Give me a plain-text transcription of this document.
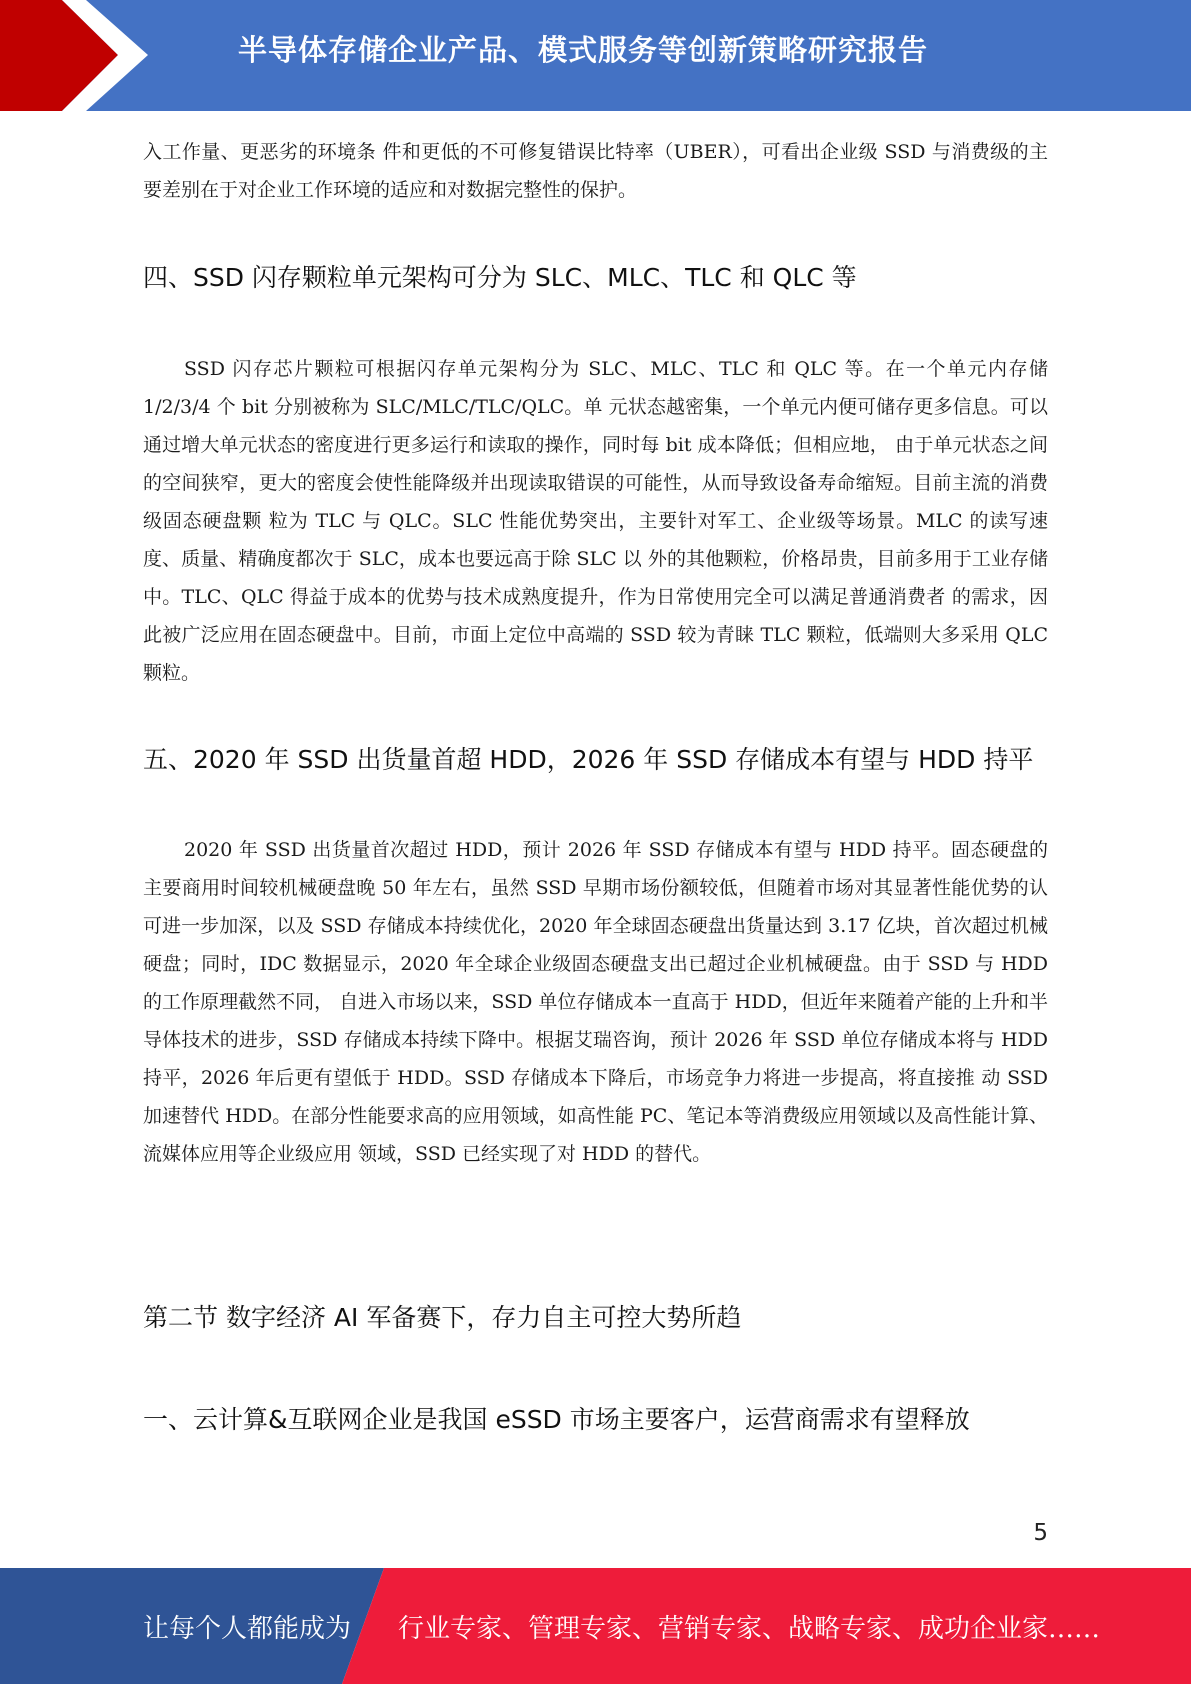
半导体存储企业产品、模式服务等创新策略研究报告

入工作量、更恶劣的环境条 件和更低的不可修复错误比特率（UBER），可看出企业级 SSD 与消费级的主要差别在于对企业工作环境的适应和对数据完整性的保护。

四、SSD 闪存颗粒单元架构可分为 SLC、MLC、TLC 和 QLC 等

SSD 闪存芯片颗粒可根据闪存单元架构分为 SLC、MLC、TLC 和 QLC 等。在一个单元内存储 1/2/3/4 个 bit 分别被称为 SLC/MLC/TLC/QLC。单 元状态越密集，一个单元内便可储存更多信息。可以通过增大单元状态的密度进行更多运行和读取的操作，同时每 bit 成本降低；但相应地， 由于单元状态之间的空间狭窄，更大的密度会使性能降级并出现读取错误的可能性，从而导致设备寿命缩短。目前主流的消费级固态硬盘颗 粒为 TLC 与 QLC。SLC 性能优势突出，主要针对军工、企业级等场景。MLC 的读写速度、质量、精确度都次于 SLC，成本也要远高于除 SLC 以 外的其他颗粒，价格昂贵，目前多用于工业存储中。TLC、QLC 得益于成本的优势与技术成熟度提升，作为日常使用完全可以满足普通消费者 的需求，因此被广泛应用在固态硬盘中。目前，市面上定位中高端的 SSD 较为青睐 TLC 颗粒，低端则大多采用 QLC 颗粒。

五、2020 年 SSD 出货量首超 HDD，2026 年 SSD 存储成本有望与 HDD 持平

2020 年 SSD 出货量首次超过 HDD，预计 2026 年 SSD 存储成本有望与 HDD 持平。固态硬盘的主要商用时间较机械硬盘晚 50 年左右，虽然 SSD 早期市场份额较低，但随着市场对其显著性能优势的认可进一步加深，以及 SSD 存储成本持续优化，2020 年全球固态硬盘出货量达到 3.17 亿块，首次超过机械硬盘；同时，IDC 数据显示，2020 年全球企业级固态硬盘支出已超过企业机械硬盘。由于 SSD 与 HDD 的工作原理截然不同， 自进入市场以来，SSD 单位存储成本一直高于 HDD，但近年来随着产能的上升和半导体技术的进步，SSD 存储成本持续下降中。根据艾瑞咨询，预计 2026 年 SSD 单位存储成本将与 HDD 持平，2026 年后更有望低于 HDD。SSD 存储成本下降后，市场竞争力将进一步提高，将直接推 动 SSD 加速替代 HDD。在部分性能要求高的应用领域，如高性能 PC、笔记本等消费级应用领域以及高性能计算、流媒体应用等企业级应用 领域，SSD 已经实现了对 HDD 的替代。

第二节 数字经济 AI 军备赛下，存力自主可控大势所趋
一、云计算&互联网企业是我国 eSSD 市场主要客户，运营商需求有望释放
5
让每个人都能成为 行业专家、管理专家、营销专家、战略专家、成功企业家……
